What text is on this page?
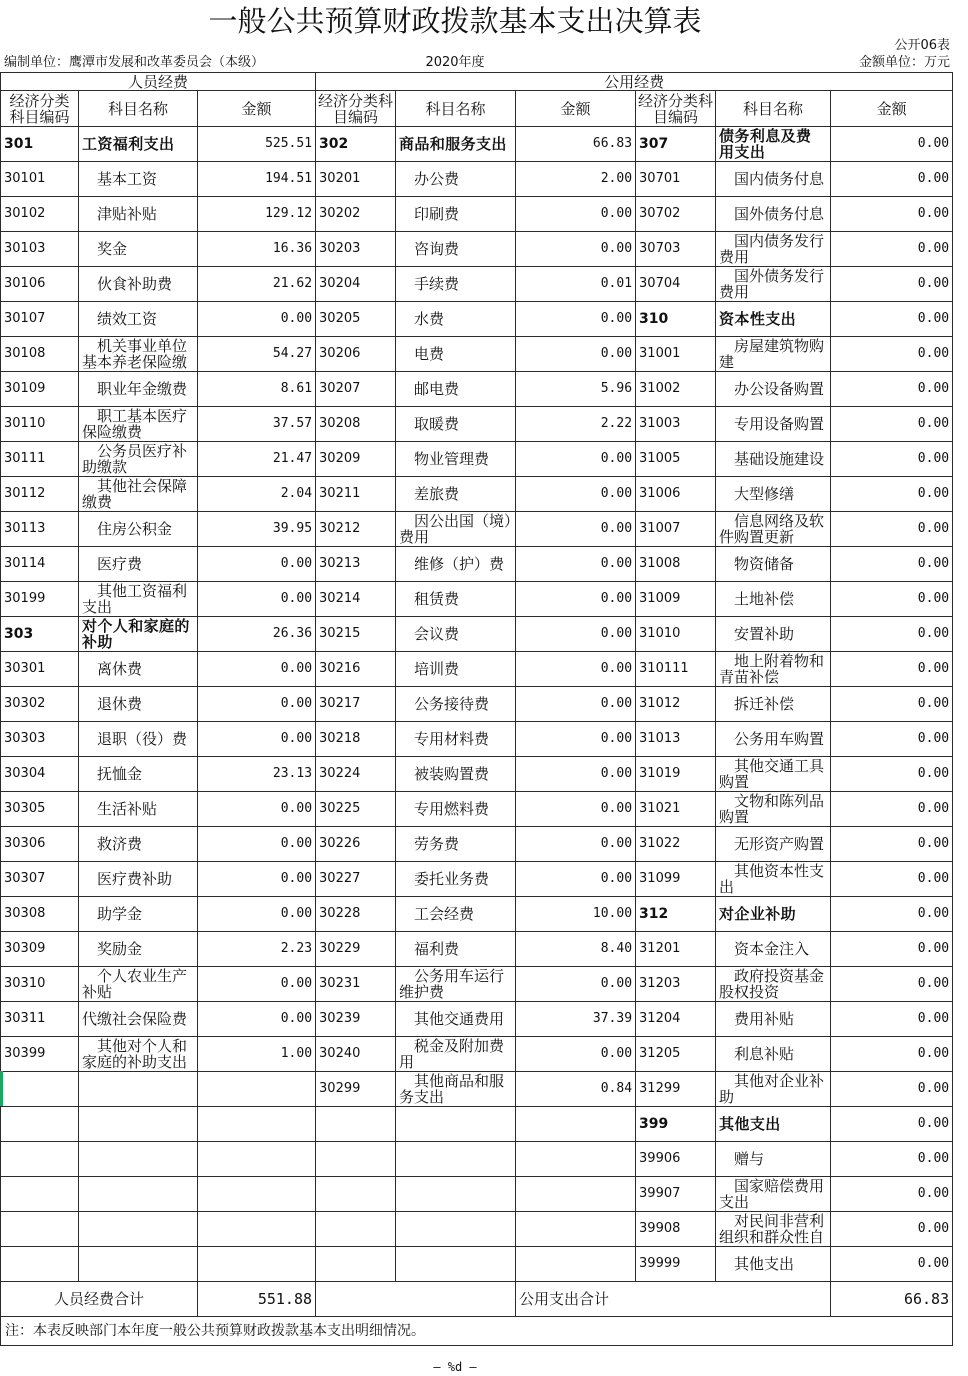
一般公共预算财政拨款基本支出决算表
公开06表
编制单位：鹰潭市发展和改革委员会（本级）	2020年度	金额单位：万元
人员经费			公用经费					
经济分类科目编码	科目名称	金额	经济分类科目编码	科目名称	金额	经济分类科目编码	科目名称	金额
301	工资福利支出	525.51	302	商品和服务支出	66.83	307	债务利息及费用支出	0.00
30101	基本工资	194.51	30201	办公费	2.00	30701	国内债务付息	0.00
30102	津贴补贴	129.12	30202	印刷费	0.00	30702	国外债务付息	0.00
30103	奖金	16.36	30203	咨询费	0.00	30703	国内债务发行费用	0.00
30106	伙食补助费	21.62	30204	手续费	0.01	30704	国外债务发行费用	0.00
30107	绩效工资	0.00	30205	水费	0.00	310	资本性支出	0.00
30108	机关事业单位基本养老保险缴	54.27	30206	电费	0.00	31001	房屋建筑物购建	0.00
30109	职业年金缴费	8.61	30207	邮电费	5.96	31002	办公设备购置	0.00
30110	职工基本医疗保险缴费	37.57	30208	取暖费	2.22	31003	专用设备购置	0.00
30111	公务员医疗补助缴款	21.47	30209	物业管理费	0.00	31005	基础设施建设	0.00
30112	其他社会保障缴费	2.04	30211	差旅费	0.00	31006	大型修缮	0.00
30113	住房公积金	39.95	30212	因公出国（境）费用	0.00	31007	信息网络及软件购置更新	0.00
30114	医疗费	0.00	30213	维修（护）费	0.00	31008	物资储备	0.00
30199	其他工资福利支出	0.00	30214	租赁费	0.00	31009	土地补偿	0.00
303	对个人和家庭的补助	26.36	30215	会议费	0.00	31010	安置补助	0.00
30301	离休费	0.00	30216	培训费	0.00	310111	地上附着物和青苗补偿	0.00
30302	退休费	0.00	30217	公务接待费	0.00	31012	拆迁补偿	0.00
30303	退职（役）费	0.00	30218	专用材料费	0.00	31013	公务用车购置	0.00
30304	抚恤金	23.13	30224	被装购置费	0.00	31019	其他交通工具购置	0.00
30305	生活补贴	0.00	30225	专用燃料费	0.00	31021	文物和陈列品购置	0.00
30306	救济费	0.00	30226	劳务费	0.00	31022	无形资产购置	0.00
30307	医疗费补助	0.00	30227	委托业务费	0.00	31099	其他资本性支出	0.00
30308	助学金	0.00	30228	工会经费	10.00	312	对企业补助	0.00
30309	奖励金	2.23	30229	福利费	8.40	31201	资本金注入	0.00
30310	个人农业生产补贴	0.00	30231	公务用车运行维护费	0.00	31203	政府投资基金股权投资	0.00
30311	代缴社会保险费	0.00	30239	其他交通费用	37.39	31204	费用补贴	0.00
30399	其他对个人和家庭的补助支出	1.00	30240	税金及附加费用	0.00	31205	利息补贴	0.00
			30299	其他商品和服务支出	0.84	31299	其他对企业补助	0.00
						399	其他支出	0.00
						39906	赠与	0.00
						39907	国家赔偿费用支出	0.00
						39908	对民间非营利组织和群众性自	0.00
						39999	其他支出	0.00
人员经费合计		551.88			公用支出合计			66.83
注：本表反映部门本年度一般公共预算财政拨款基本支出明细情况。								
— %d —
